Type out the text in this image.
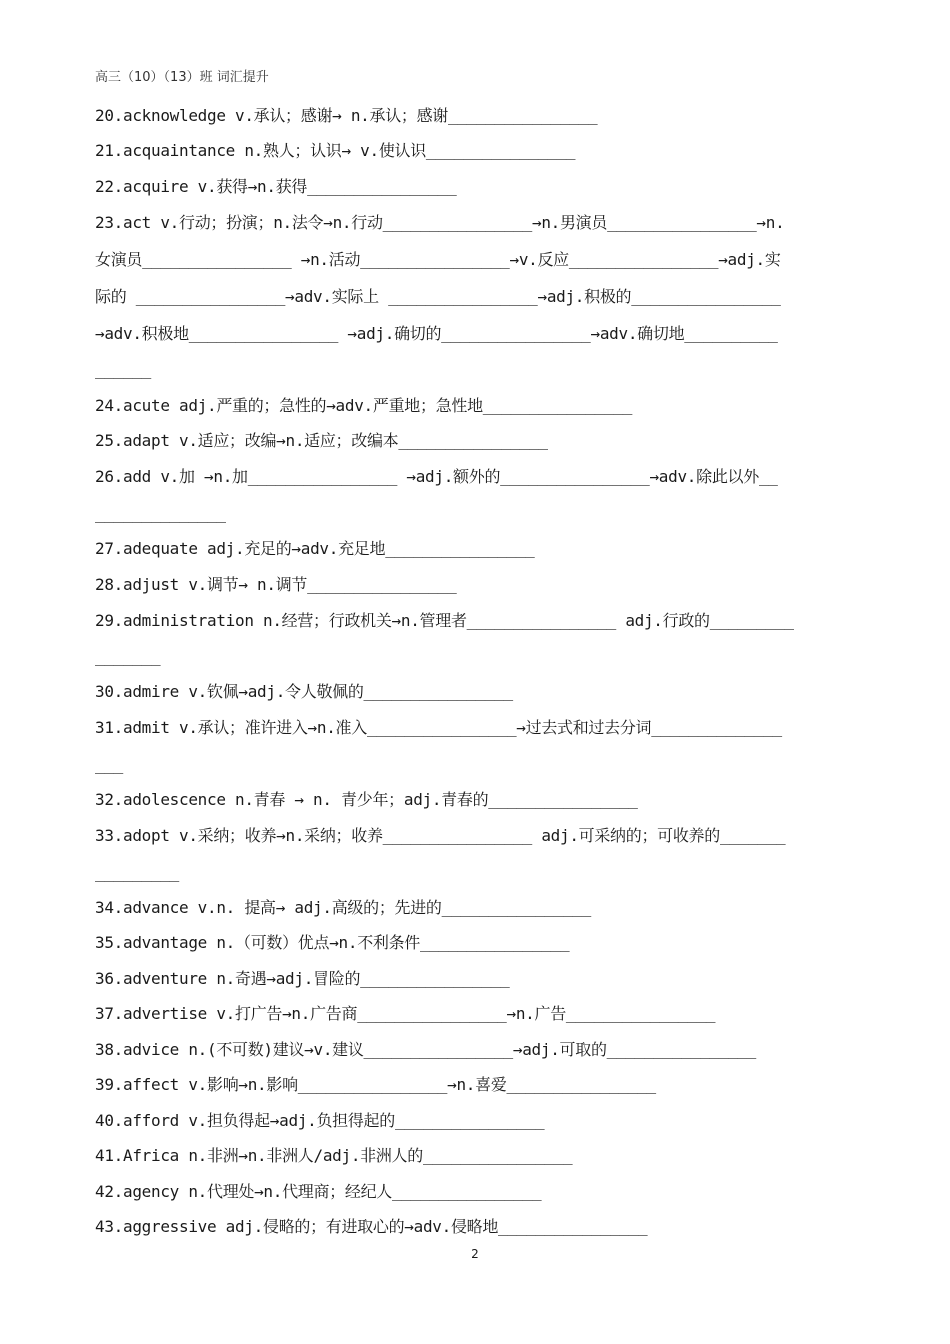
高三（10）（13）班 词汇提升
20.acknowledge v.承认；感谢→ n.承认；感谢________________
21.acquaintance n.熟人；认识→ v.使认识________________
22.acquire v.获得→n.获得________________
23.act v.行动；扮演；n.法令→n.行动________________→n.男演员________________→n.
女演员________________ →n.活动________________→v.反应________________→adj.实
际的 ________________→adv.实际上 ________________→adj.积极的________________
→adv.积极地________________ →adj.确切的________________→adv.确切地__________
______
24.acute adj.严重的；急性的→adv.严重地；急性地________________
25.adapt v.适应；改编→n.适应；改编本________________
26.add v.加 →n.加________________ →adj.额外的________________→adv.除此以外__
______________
27.adequate adj.充足的→adv.充足地________________
28.adjust v.调节→ n.调节________________
29.administration n.经营；行政机关→n.管理者________________ adj.行政的_________
_______
30.admire v.钦佩→adj.令人敬佩的________________
31.admit v.承认；准许进入→n.准入________________→过去式和过去分词______________
___
32.adolescence n.青春 → n. 青少年；adj.青春的________________
33.adopt v.采纳；收养→n.采纳；收养________________ adj.可采纳的；可收养的_______
_________
34.advance v.n. 提高→ adj.高级的；先进的________________
35.advantage n.（可数）优点→n.不利条件________________
36.adventure n.奇遇→adj.冒险的________________
37.advertise v.打广告→n.广告商________________→n.广告________________
38.advice n.(不可数)建议→v.建议________________→adj.可取的________________
39.affect v.影响→n.影响________________→n.喜爱________________
40.afford v.担负得起→adj.负担得起的________________
41.Africa n.非洲→n.非洲人/adj.非洲人的________________
42.agency n.代理处→n.代理商；经纪人________________
43.aggressive adj.侵略的；有进取心的→adv.侵略地________________
2
